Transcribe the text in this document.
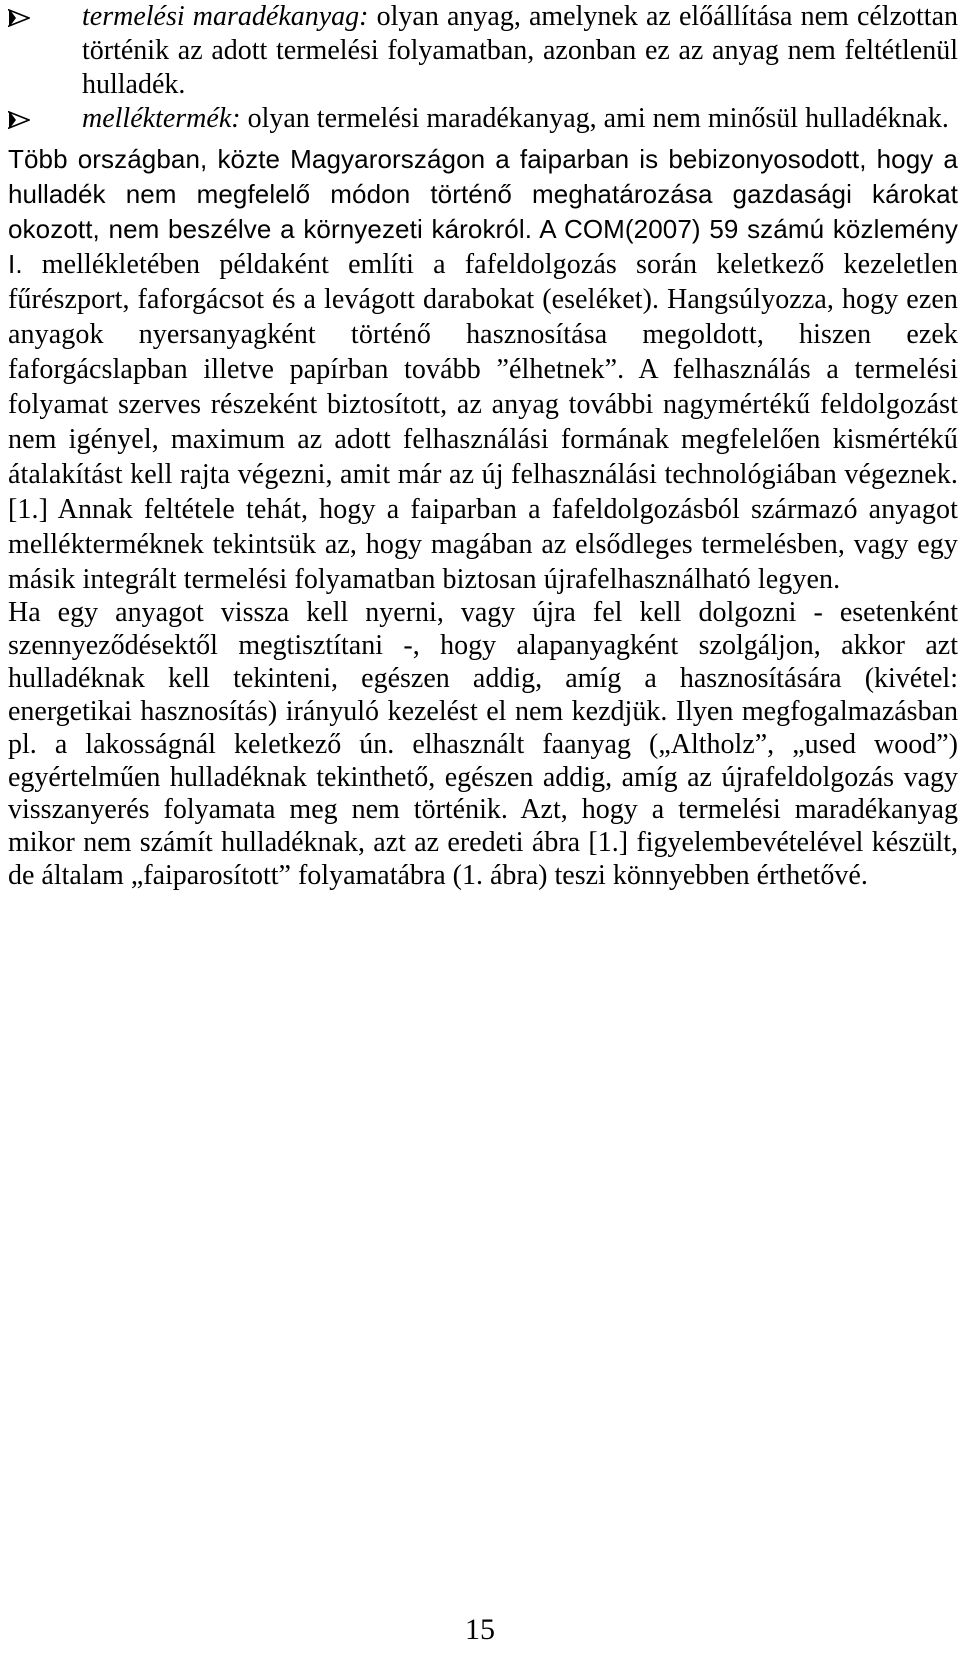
termelési maradékanyag: olyan anyag, amelynek az előállítása nem célzottan történik az adott termelési folyamatban, azonban ez az anyag nem feltétlenül hulladék.
melléktermék: olyan termelési maradékanyag, ami nem minősül hulladéknak.

Több országban, közte Magyarországon a faiparban is bebizonyosodott, hogy a hulladék nem megfelelő módon történő meghatározása gazdasági károkat okozott, nem beszélve a környezeti károkról. A COM(2007) 59 számú közlemény I. mellékletében példaként említi a fafeldolgozás során keletkező kezeletlen fűrészport, faforgácsot és a levágott darabokat (eseléket). Hangsúlyozza, hogy ezen anyagok nyersanyagként történő hasznosítása megoldott, hiszen ezek faforgácslapban illetve papírban tovább ”élhetnek”. A felhasználás a termelési folyamat szerves részeként biztosított, az anyag további nagymértékű feldolgozást nem igényel, maximum az adott felhasználási formának megfelelően kismértékű átalakítást kell rajta végezni, amit már az új felhasználási technológiában végeznek. [1.] Annak feltétele tehát, hogy a faiparban a fafeldolgozásból származó anyagot mellékterméknek tekintsük az, hogy magában az elsődleges termelésben, vagy egy másik integrált termelési folyamatban biztosan újrafelhasználható legyen.

Ha egy anyagot vissza kell nyerni, vagy újra fel kell dolgozni - esetenként szennyeződésektől megtisztítani -, hogy alapanyagként szolgáljon, akkor azt hulladéknak kell tekinteni, egészen addig, amíg a hasznosítására (kivétel: energetikai hasznosítás) irányuló kezelést el nem kezdjük. Ilyen megfogalmazásban pl. a lakosságnál keletkező ún. elhasznált faanyag („Altholz”, „used wood”) egyértelműen hulladéknak tekinthető, egészen addig, amíg az újrafeldolgozás vagy visszanyerés folyamata meg nem történik. Azt, hogy a termelési maradékanyag mikor nem számít hulladéknak, azt az eredeti ábra [1.] figyelembevételével készült, de általam „faiparosított” folyamatábra (1. ábra) teszi könnyebben érthetővé.

15
